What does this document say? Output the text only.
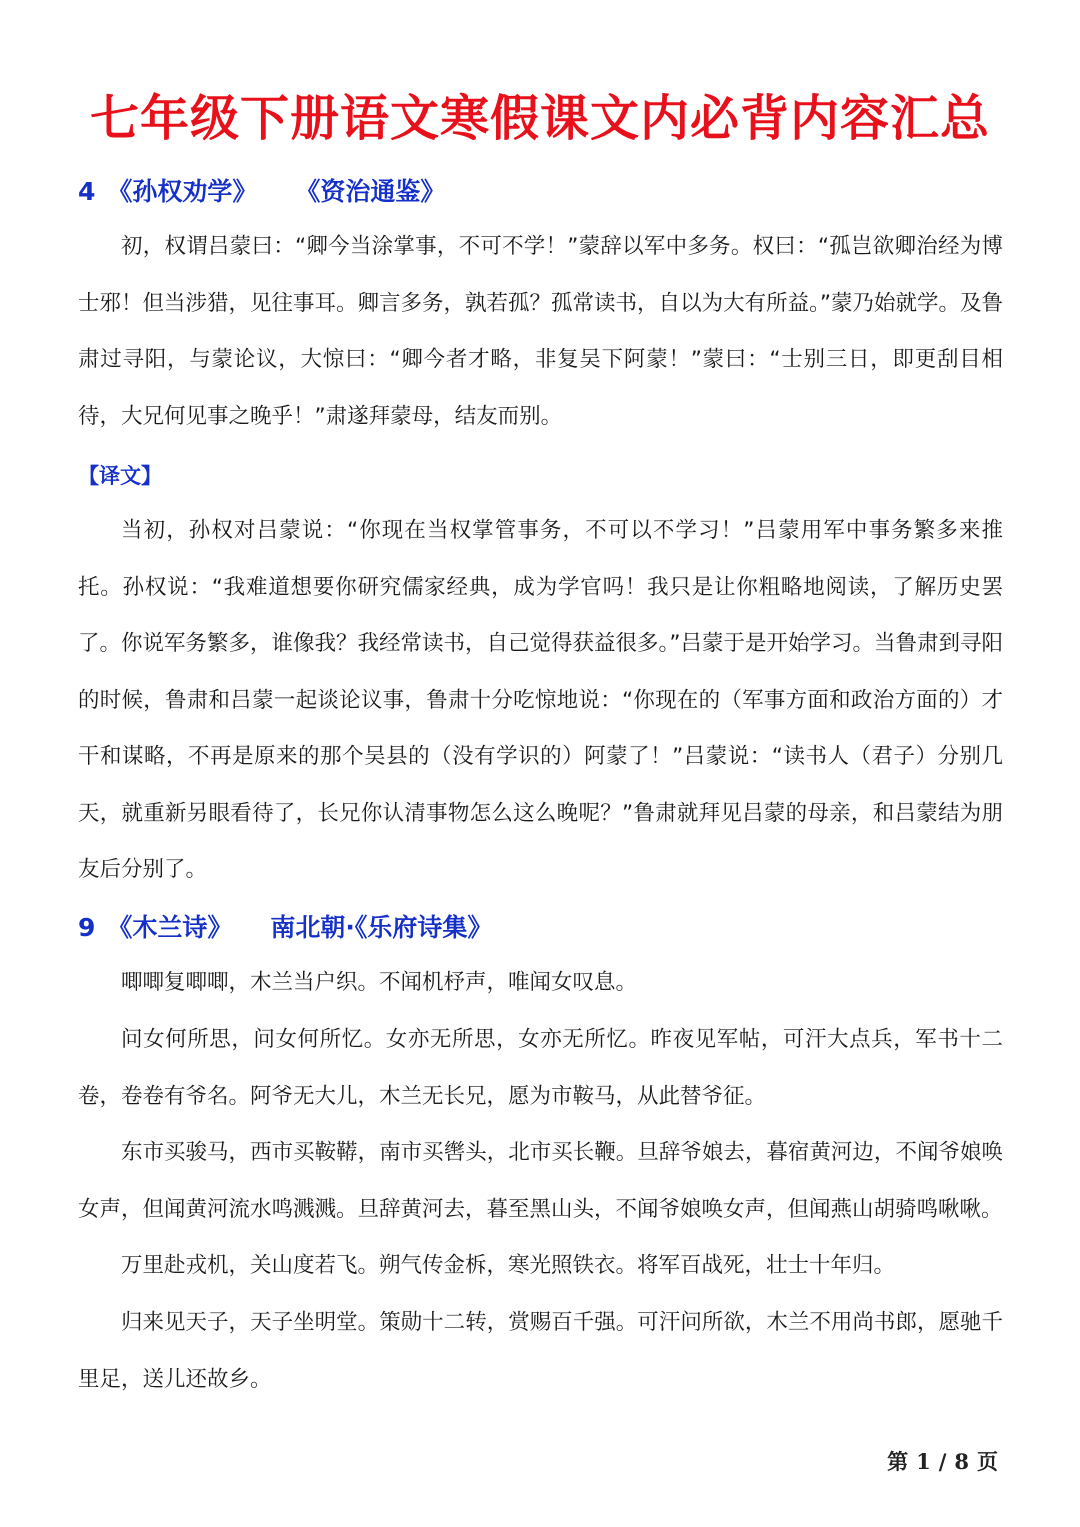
七年级下册语文寒假课文内必背内容汇总
4 《孙权劝学》 《资治通鉴》

初，权谓吕蒙曰：“卿今当涂掌事，不可不学！”蒙辞以军中多务。权曰：“孤岂欲卿治经为博士邪！但当涉猎，见往事耳。卿言多务，孰若孤？孤常读书，自以为大有所益。”蒙乃始就学。及鲁肃过寻阳，与蒙论议，大惊曰：“卿今者才略，非复吴下阿蒙！”蒙曰：“士别三日，即更刮目相待，大兄何见事之晚乎！”肃遂拜蒙母，结友而别。

【译文】

当初，孙权对吕蒙说：“你现在当权掌管事务，不可以不学习！”吕蒙用军中事务繁多来推托。孙权说：“我难道想要你研究儒家经典，成为学官吗！我只是让你粗略地阅读，了解历史罢了。你说军务繁多，谁像我？我经常读书，自己觉得获益很多。”吕蒙于是开始学习。当鲁肃到寻阳的时候，鲁肃和吕蒙一起谈论议事，鲁肃十分吃惊地说：“你现在的（军事方面和政治方面的）才干和谋略，不再是原来的那个吴县的（没有学识的）阿蒙了！”吕蒙说：“读书人（君子）分别几天，就重新另眼看待了，长兄你认清事物怎么这么晚呢？”鲁肃就拜见吕蒙的母亲，和吕蒙结为朋友后分别了。

9 《木兰诗》 南北朝·《乐府诗集》

唧唧复唧唧，木兰当户织。不闻机杼声，唯闻女叹息。

问女何所思，问女何所忆。女亦无所思，女亦无所忆。昨夜见军帖，可汗大点兵，军书十二卷，卷卷有爷名。阿爷无大儿，木兰无长兄，愿为市鞍马，从此替爷征。

东市买骏马，西市买鞍鞯，南市买辔头，北市买长鞭。旦辞爷娘去，暮宿黄河边，不闻爷娘唤女声，但闻黄河流水鸣溅溅。旦辞黄河去，暮至黑山头，不闻爷娘唤女声，但闻燕山胡骑鸣啾啾。

万里赴戎机，关山度若飞。朔气传金柝，寒光照铁衣。将军百战死，壮士十年归。

归来见天子，天子坐明堂。策勋十二转，赏赐百千强。可汗问所欲，木兰不用尚书郎，愿驰千里足，送儿还故乡。

第 1 / 8 页
